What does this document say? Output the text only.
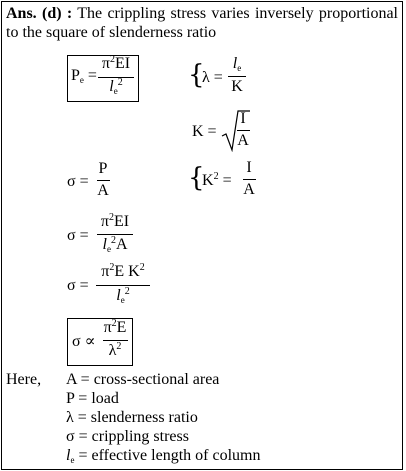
Ans. (d) : The crippling stress varies inversely proportional to the square of slenderness ratio
Pe =
$\pi^2EI$
$le^2$	{
λ =
le
K
K =
I
A
σ =
P
A	{
$K^2$ =
I
A
σ =
$\pi^2EI$
$le^2A$
σ =
$\pi^2E$ $K^2$
$le^2$
σ ∝
$\pi^2E$
$\lambda^2$
Here, A = cross-sectional area
P = load
λ = slenderness ratio
σ = crippling stress
le = effective length of column
